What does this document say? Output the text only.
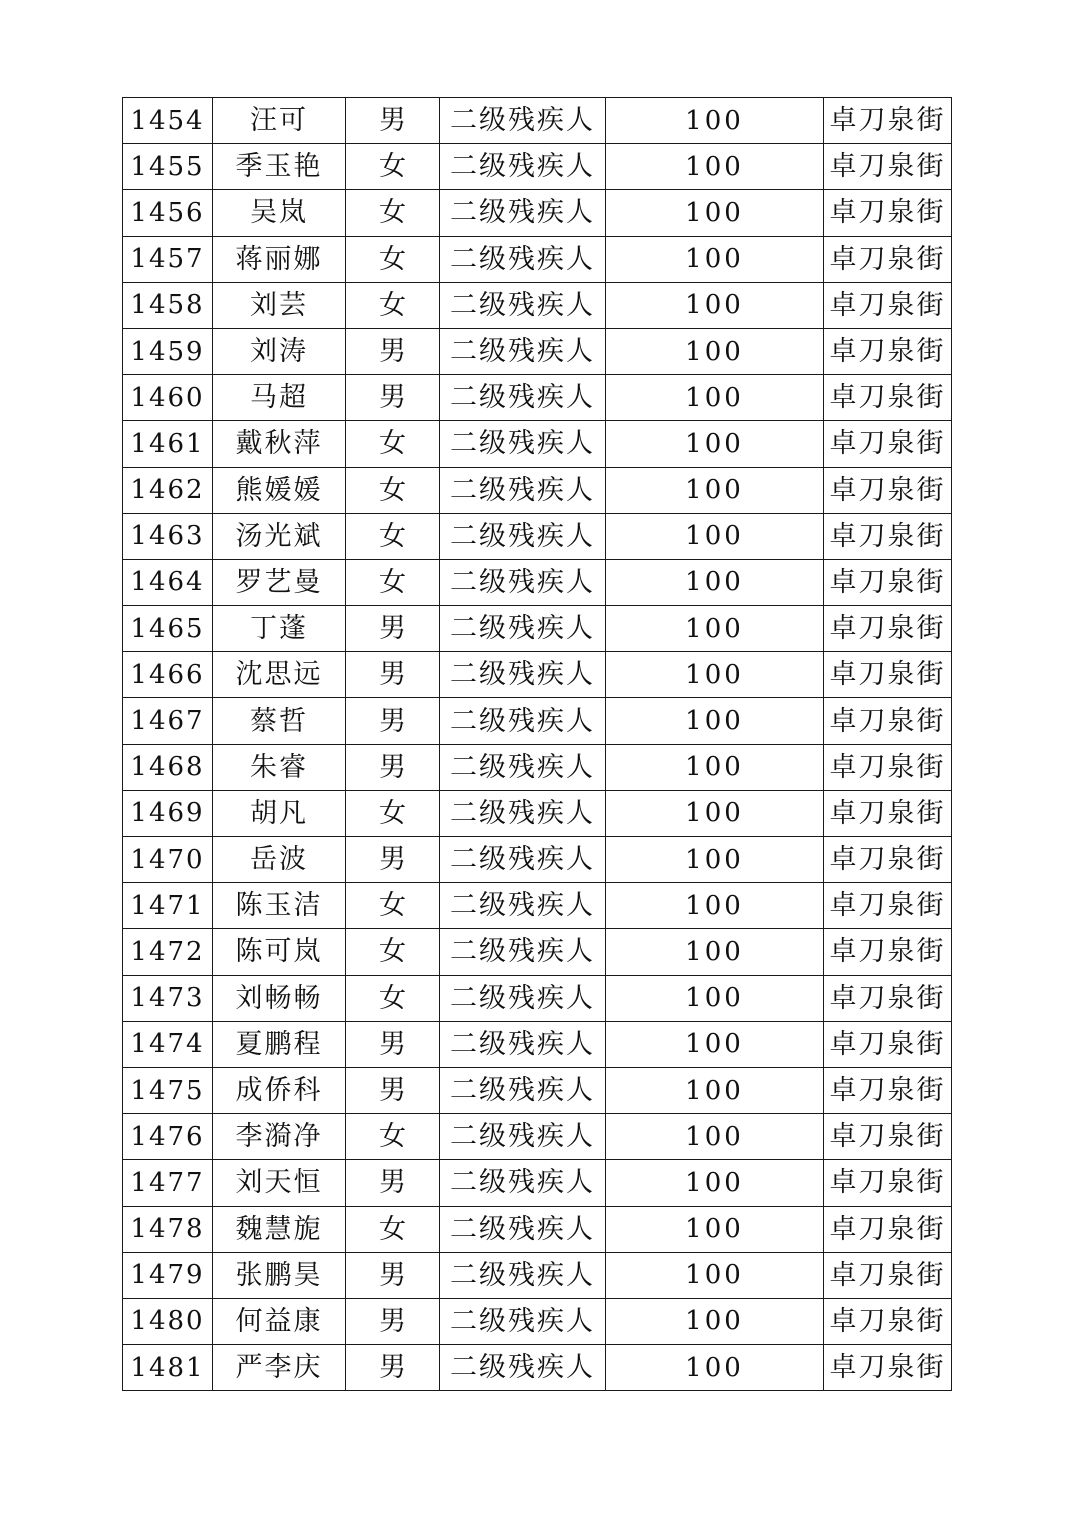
1454	汪可	男	二级残疾人	100	卓刀泉街
1455	季玉艳	女	二级残疾人	100	卓刀泉街
1456	吴岚	女	二级残疾人	100	卓刀泉街
1457	蒋丽娜	女	二级残疾人	100	卓刀泉街
1458	刘芸	女	二级残疾人	100	卓刀泉街
1459	刘涛	男	二级残疾人	100	卓刀泉街
1460	马超	男	二级残疾人	100	卓刀泉街
1461	戴秋萍	女	二级残疾人	100	卓刀泉街
1462	熊媛媛	女	二级残疾人	100	卓刀泉街
1463	汤光斌	女	二级残疾人	100	卓刀泉街
1464	罗艺曼	女	二级残疾人	100	卓刀泉街
1465	丁蓬	男	二级残疾人	100	卓刀泉街
1466	沈思远	男	二级残疾人	100	卓刀泉街
1467	蔡哲	男	二级残疾人	100	卓刀泉街
1468	朱睿	男	二级残疾人	100	卓刀泉街
1469	胡凡	女	二级残疾人	100	卓刀泉街
1470	岳波	男	二级残疾人	100	卓刀泉街
1471	陈玉洁	女	二级残疾人	100	卓刀泉街
1472	陈可岚	女	二级残疾人	100	卓刀泉街
1473	刘畅畅	女	二级残疾人	100	卓刀泉街
1474	夏鹏程	男	二级残疾人	100	卓刀泉街
1475	成侨科	男	二级残疾人	100	卓刀泉街
1476	李漪净	女	二级残疾人	100	卓刀泉街
1477	刘天恒	男	二级残疾人	100	卓刀泉街
1478	魏慧旎	女	二级残疾人	100	卓刀泉街
1479	张鹏昊	男	二级残疾人	100	卓刀泉街
1480	何益康	男	二级残疾人	100	卓刀泉街
1481	严李庆	男	二级残疾人	100	卓刀泉街
